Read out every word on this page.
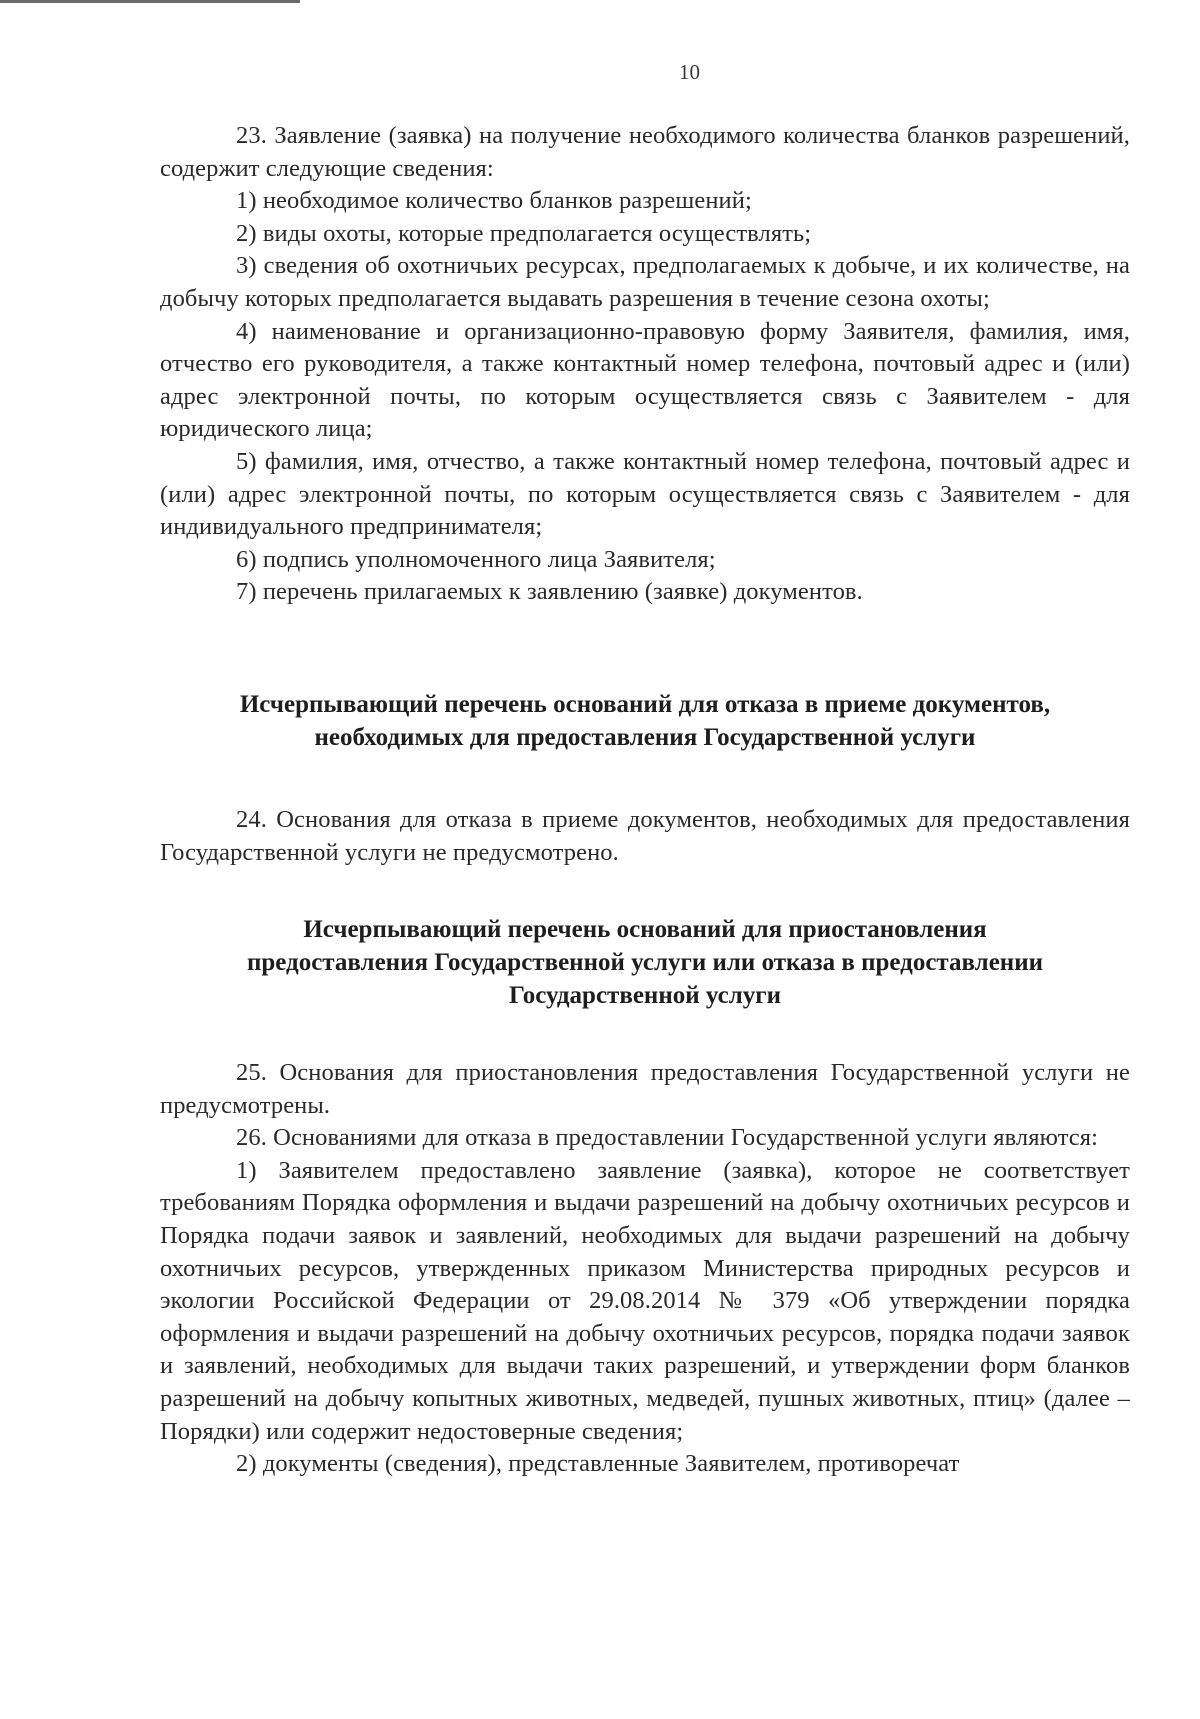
10

23. Заявление (заявка) на получение необходимого количества бланков разрешений, содержит следующие сведения:

1) необходимое количество бланков разрешений;

2) виды охоты, которые предполагается осуществлять;

3) сведения об охотничьих ресурсах, предполагаемых к добыче, и их количестве, на добычу которых предполагается выдавать разрешения в течение сезона охоты;

4) наименование и организационно-правовую форму Заявителя, фамилия, имя, отчество его руководителя, а также контактный номер телефона, почтовый адрес и (или) адрес электронной почты, по которым осуществляется связь с Заявителем - для юридического лица;

5) фамилия, имя, отчество, а также контактный номер телефона, почтовый адрес и (или) адрес электронной почты, по которым осуществляется связь с Заявителем - для индивидуального предпринимателя;

6) подпись уполномоченного лица Заявителя;

7) перечень прилагаемых к заявлению (заявке) документов.

Исчерпывающий перечень оснований для отказа в приеме документов,
необходимых для предоставления Государственной услуги

24. Основания для отказа в приеме документов, необходимых для предоставления Государственной услуги не предусмотрено.

Исчерпывающий перечень оснований для приостановления
предоставления Государственной услуги или отказа в предоставлении
Государственной услуги

25. Основания для приостановления предоставления Государственной услуги не предусмотрены.

26. Основаниями для отказа в предоставлении Государственной услуги являются:

1) Заявителем предоставлено заявление (заявка), которое не соответствует требованиям Порядка оформления и выдачи разрешений на добычу охотничьих ресурсов и Порядка подачи заявок и заявлений, необходимых для выдачи разрешений на добычу охотничьих ресурсов, утвержденных приказом Министерства природных ресурсов и экологии Российской Федерации от 29.08.2014 № 379 «Об утверждении порядка оформления и выдачи разрешений на добычу охотничьих ресурсов, порядка подачи заявок и заявлений, необходимых для выдачи таких разрешений, и утверждении форм бланков разрешений на добычу копытных животных, медведей, пушных животных, птиц» (далее – Порядки) или содержит недостоверные сведения;

2) документы (сведения), представленные Заявителем, противоречат
